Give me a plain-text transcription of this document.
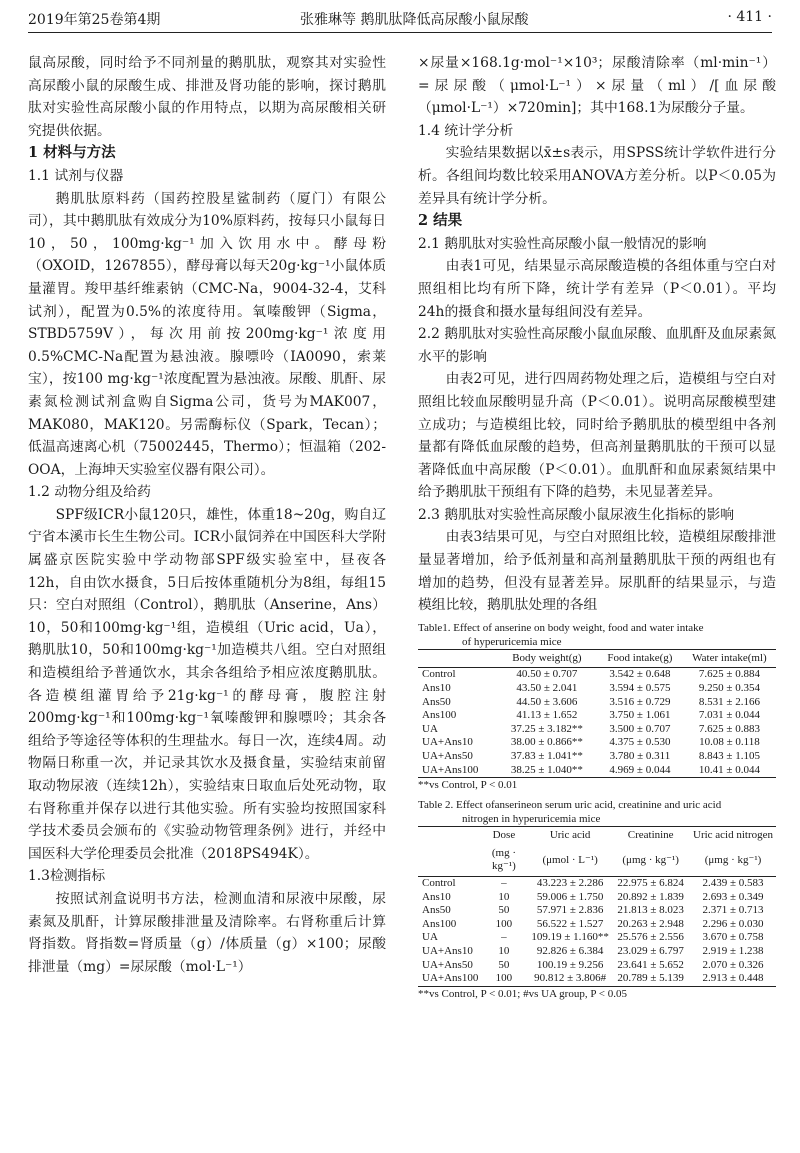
2019年第25卷第4期	张雅琳等 鹅肌肽降低高尿酸小鼠尿酸	· 411 ·

鼠高尿酸，同时给予不同剂量的鹅肌肽，观察其对实验性高尿酸小鼠的尿酸生成、排泄及肾功能的影响，探讨鹅肌肽对实验性高尿酸小鼠的作用特点，以期为高尿酸相关研究提供依据。

1 材料与方法

1.1 试剂与仪器

鹅肌肽原料药（国药控股星鲨制药（厦门）有限公司），其中鹅肌肽有效成分为10%原料药，按每只小鼠每日10，50，100mg·kg⁻¹加入饮用水中。酵母粉（OXOID，1267855），酵母膏以每天20g·kg⁻¹小鼠体质量灌胃。羧甲基纤维素钠（CMC-Na，9004-32-4，艾科试剂），配置为0.5%的浓度待用。氧嗪酸钾（Sigma，STBD5759V），每次用前按200mg·kg⁻¹浓度用0.5%CMC-Na配置为悬浊液。腺嘌呤（IA0090，索莱宝），按100 mg·kg⁻¹浓度配置为悬浊液。尿酸、肌酐、尿素氮检测试剂盒购自Sigma公司，货号为MAK007，MAK080，MAK120。另需酶标仪（Spark，Tecan）；低温高速离心机（75002445，Thermo）；恒温箱（202-OOA，上海坤天实验室仪器有限公司）。

1.2 动物分组及给药

SPF级ICR小鼠120只，雄性，体重18~20g，购自辽宁省本溪市长生生物公司。ICR小鼠饲养在中国医科大学附属盛京医院实验中学动物部SPF级实验室中，昼夜各12h，自由饮水摄食，5日后按体重随机分为8组，每组15只：空白对照组（Control），鹅肌肽（Anserine，Ans）10，50和100mg·kg⁻¹组，造模组（Uric acid，Ua），鹅肌肽10，50和100mg·kg⁻¹加造模共八组。空白对照组和造模组给予普通饮水，其余各组给予相应浓度鹅肌肽。各造模组灌胃给予21g·kg⁻¹的酵母膏，腹腔注射200mg·kg⁻¹和100mg·kg⁻¹氧嗪酸钾和腺嘌呤；其余各组给予等途径等体积的生理盐水。每日一次，连续4周。动物隔日称重一次，并记录其饮水及摄食量，实验结束前留取动物尿液（连续12h），实验结束日取血后处死动物，取右肾称重并保存以进行其他实验。所有实验均按照国家科学技术委员会颁布的《实验动物管理条例》进行，并经中国医科大学伦理委员会批准（2018PS494K）。

1.3检测指标

按照试剂盒说明书方法，检测血清和尿液中尿酸，尿素氮及肌酐，计算尿酸排泄量及清除率。右肾称重后计算肾指数。肾指数=肾质量（g）/体质量（g）×100；尿酸排泄量（mg）=尿尿酸（mol·L⁻¹）

×尿量×168.1g·mol⁻¹×10³；尿酸清除率（ml·min⁻¹）=尿尿酸（μmol·L⁻¹）×尿量（ml）/[血尿酸（μmol·L⁻¹）×720min]；其中168.1为尿酸分子量。

1.4 统计学分析

实验结果数据以x̄±s表示，用SPSS统计学软件进行分析。各组间均数比较采用ANOVA方差分析。以P＜0.05为差异具有统计学分析。

2 结果

2.1 鹅肌肽对实验性高尿酸小鼠一般情况的影响

由表1可见，结果显示高尿酸造模的各组体重与空白对照组相比均有所下降，统计学有差异（P＜0.01）。平均24h的摄食和摄水量每组间没有差异。

2.2 鹅肌肽对实验性高尿酸小鼠血尿酸、血肌酐及血尿素氮水平的影响

由表2可见，进行四周药物处理之后，造模组与空白对照组比较血尿酸明显升高（P＜0.01）。说明高尿酸模型建立成功；与造模组比较，同时给予鹅肌肽的模型组中各剂量都有降低血尿酸的趋势，但高剂量鹅肌肽的干预可以显著降低血中高尿酸（P＜0.01）。血肌酐和血尿素氮结果中给予鹅肌肽干预组有下降的趋势，未见显著差异。

2.3 鹅肌肽对实验性高尿酸小鼠尿液生化指标的影响

由表3结果可见，与空白对照组比较，造模组尿酸排泄量显著增加，给予低剂量和高剂量鹅肌肽干预的两组也有增加的趋势，但没有显著差异。尿肌酐的结果显示，与造模组比较，鹅肌肽处理的各组

Table1. Effect of anserine on body weight, food and water intake
of hyperuricemia mice

	Body weight(g)	Food intake(g)	Water intake(ml)
Control	40.50 ± 0.707	3.542 ± 0.648	7.625 ± 0.884
Ans10	43.50 ± 2.041	3.594 ± 0.575	9.250 ± 0.354
Ans50	44.50 ± 3.606	3.516 ± 0.729	8.531 ± 2.166
Ans100	41.13 ± 1.652	3.750 ± 1.061	7.031 ± 0.044
UA	37.25 ± 3.182**	3.500 ± 0.707	7.625 ± 0.883
UA+Ans10	38.00 ± 0.866**	4.375 ± 0.530	10.08 ± 0.118
UA+Ans50	37.83 ± 1.041**	3.780 ± 0.311	8.843 ± 1.105
UA+Ans100	38.25 ± 1.040**	4.969 ± 0.044	10.41 ± 0.044

**vs Control, P < 0.01

Table 2. Effect ofanserineon serum uric acid, creatinine and uric acid
nitrogen in hyperuricemia mice

	Dose	Uric acid	Creatinine	Uric acid nitrogen
	(mg · kg⁻¹)	(μmol · L⁻¹)	(μmg · kg⁻¹)	(μmg · kg⁻¹)
Control	–	43.223 ± 2.286	22.975 ± 6.824	2.439 ± 0.583
Ans10	10	59.006 ± 1.750	20.892 ± 1.839	2.693 ± 0.349
Ans50	50	57.971 ± 2.836	21.813 ± 8.023	2.371 ± 0.713
Ans100	100	56.522 ± 1.527	20.263 ± 2.948	2.296 ± 0.030
UA	–	109.19 ± 1.160**	25.576 ± 2.556	3.670 ± 0.758
UA+Ans10	10	92.826 ± 6.384	23.029 ± 6.797	2.919 ± 1.238
UA+Ans50	50	100.19 ± 9.256	23.641 ± 5.652	2.070 ± 0.326
UA+Ans100	100	90.812 ± 3.806#	20.789 ± 5.139	2.913 ± 0.448

**vs Control, P < 0.01; #vs UA group, P < 0.05
